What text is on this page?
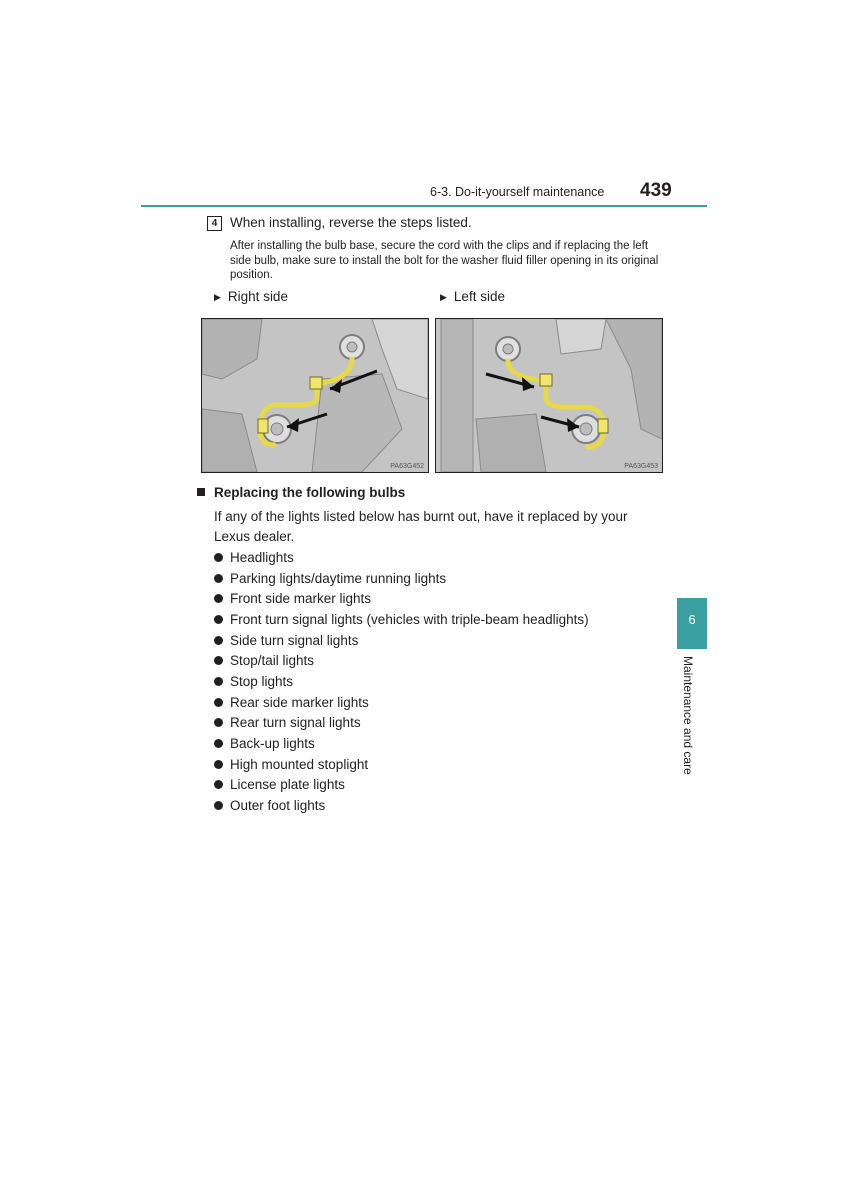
6-3. Do-it-yourself maintenance 439
4 When installing, reverse the steps listed.
After installing the bulb base, secure the cord with the clips and if replacing the left side bulb, make sure to install the bolt for the washer fluid filler opening in its original position.
▶ Right side	▶ Left side
PA63G452	PA63G453
Replacing the following bulbs
If any of the lights listed below has burnt out, have it replaced by your Lexus dealer.
Headlights
Parking lights/daytime running lights
Front side marker lights
Front turn signal lights (vehicles with triple-beam headlights)
Side turn signal lights
Stop/tail lights
Stop lights
Rear side marker lights
Rear turn signal lights
Back-up lights
High mounted stoplight
License plate lights
Outer foot lights
6
Maintenance and care
